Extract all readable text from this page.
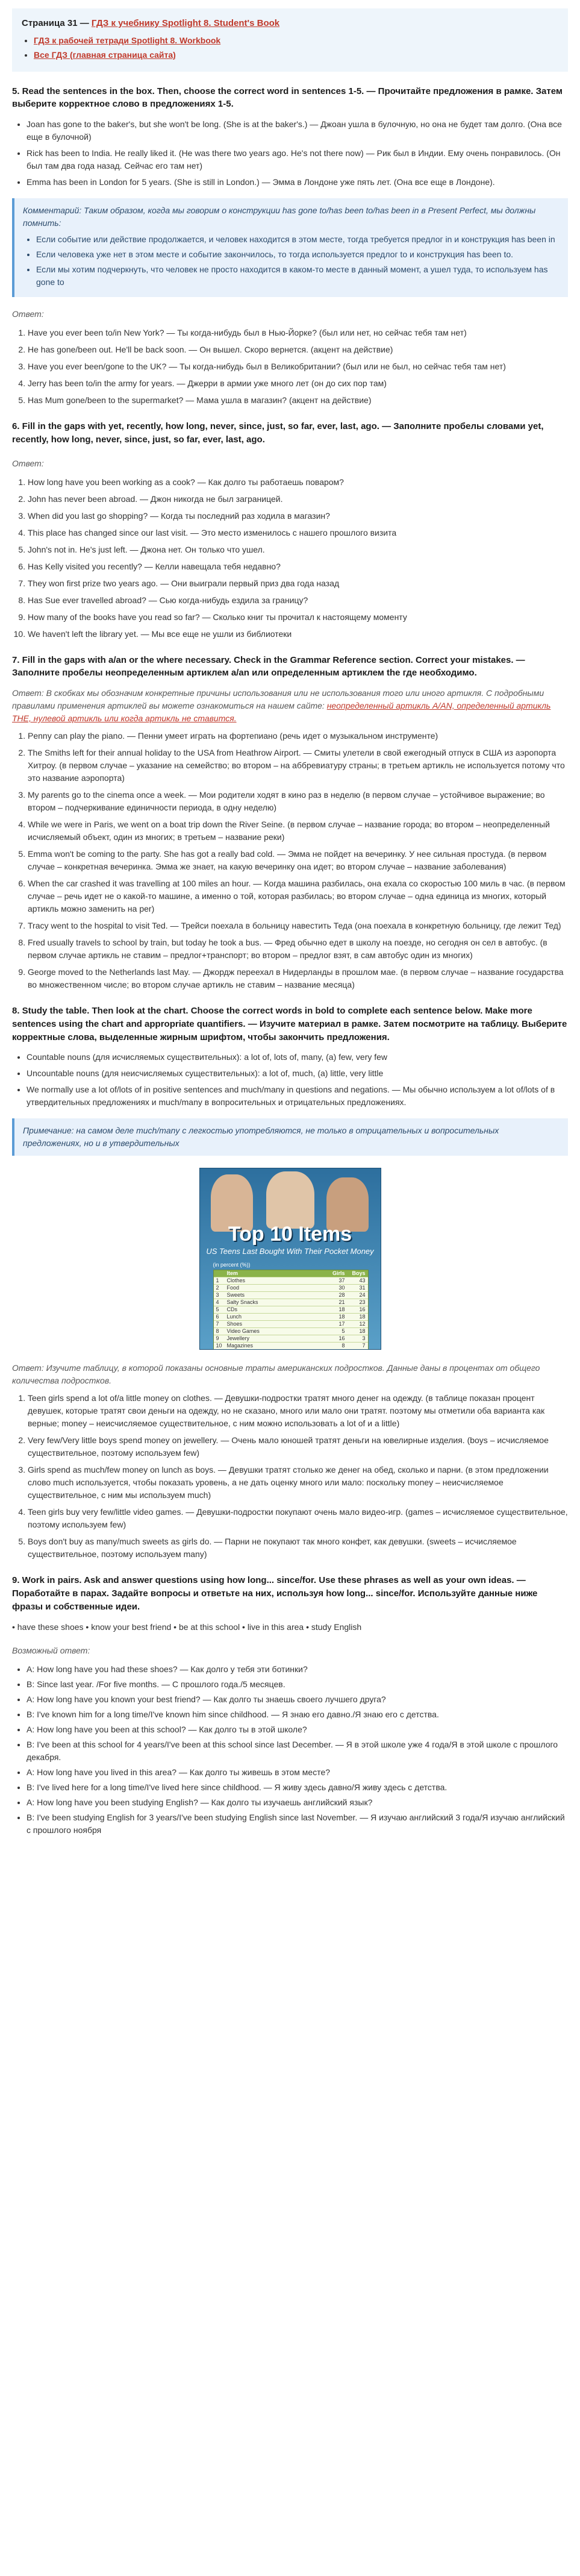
Страница 31 — ГДЗ к учебнику Spotlight 8. Student's Book
• ГДЗ к рабочей тетради Spotlight 8. Workbook
• Все ГДЗ (главная страница сайта)
5. Read the sentences in the box. Then, choose the correct word in sentences 1-5. — Прочитайте предложения в рамке. Затем выберите корректное слово в предложениях 1-5.
• Joan has gone to the baker's, but she won't be long. (She is at the baker's.) — Джоан ушла в булочную, но она не будет там долго. (Она все еще в булочной)
• Rick has been to India. He really liked it. (He was there two years ago. He's not there now) — Рик был в Индии. Ему очень понравилось. (Он был там два года назад. Сейчас его там нет)
• Emma has been in London for 5 years. (She is still in London.) — Эмма в Лондоне уже пять лет. (Она все еще в Лондоне).
Комментарий: Таким образом, когда мы говорим о конструкции has gone to/has been to/has been in в Present Perfect, мы должны помнить:
• Если событие или действие продолжается, и человек находится в этом месте, тогда требуется предлог in и конструкция has been in
• Если человека уже нет в этом месте и событие закончилось, то тогда используется предлог to и конструкция has been to.
• Если мы хотим подчеркнуть, что человек не просто находится в каком-то месте в данный момент, а ушел туда, то используем has gone to
Ответ:
1. Have you ever been to/in New York? — Ты когда-нибудь был в Нью-Йорке? (был или нет, но сейчас тебя там нет)
2. He has gone/been out. He'll be back soon. — Он вышел. Скоро вернется. (акцент на действие)
3. Have you ever been/gone to the UK? — Ты когда-нибудь был в Великобритании? (был или не был, но сейчас тебя там нет)
4. Jerry has been to/in the army for years. — Джерри в армии уже много лет (он до сих пор там)
5. Has Mum gone/been to the supermarket? — Мама ушла в магазин? (акцент на действие)
6. Fill in the gaps with yet, recently, how long, never, since, just, so far, ever, last, ago. — Заполните пробелы словами yet, recently, how long, never, since, just, so far, ever, last, ago.
Ответ:
1. How long have you been working as a cook? — Как долго ты работаешь поваром?
2. John has never been abroad. — Джон никогда не был заграницей.
3. When did you last go shopping? — Когда ты последний раз ходила в магазин?
4. This place has changed since our last visit. — Это место изменилось с нашего прошлого визита
5. John's not in. He's just left. — Джона нет. Он только что ушел.
6. Has Kelly visited you recently? — Келли навещала тебя недавно?
7. They won first prize two years ago. — Они выиграли первый приз два года назад
8. Has Sue ever travelled abroad? — Сью когда-нибудь ездила за границу?
9. How many of the books have you read so far? — Сколько книг ты прочитал к настоящему моменту
10. We haven't left the library yet. — Мы все еще не ушли из библиотеки
7. Fill in the gaps with a/an or the where necessary. Check in the Grammar Reference section. Correct your mistakes. — Заполните пробелы неопределенным артиклем a/an или определенным артиклем the где необходимо.
Ответ: В скобках мы обозначим конкретные причины использования или не использования того или иного артикля. С подробными правилами применения артиклей вы можете ознакомиться на нашем сайте: неопределенный артикль A/AN, определенный артикль THE, нулевой артикль или когда артикль не ставится.
1. Penny can play the piano. — Пенни умеет играть на фортепиано (речь идет о музыкальном инструменте)
2. The Smiths left for their annual holiday to the USA from Heathrow Airport. — Смиты улетели в свой ежегодный отпуск в США из аэропорта Хитроу. (в первом случае – указание на семейство; во втором – на аббревиатуру страны; в третьем артикль не используется потому что это название аэропорта)
3. My parents go to the cinema once a week. — Мои родители ходят в кино раз в неделю (в первом случае – устойчивое выражение; во втором – подчеркивание единичности периода, в одну неделю)
4. While we were in Paris, we went on a boat trip down the River Seine. (в первом случае – название города; во втором – неопределенный исчисляемый объект, один из многих; в третьем – название реки)
5. Emma won't be coming to the party. She has got a really bad cold. — Эмма не пойдет на вечеринку. У нее сильная простуда. (в первом случае – конкретная вечеринка. Эмма же знает, на какую вечеринку она идет; во втором случае – название заболевания)
6. When the car crashed it was travelling at 100 miles an hour. — Когда машина разбилась, она ехала со скоростью 100 миль в час. (в первом случае – речь идет не о какой-то машине, а именно о той, которая разбилась; во втором случае – одна единица из многих, который артикль можно заменить на per)
7. Tracy went to the hospital to visit Ted. — Трейси поехала в больницу навестить Теда (она поехала в конкретную больницу, где лежит Тед)
8. Fred usually travels to school by train, but today he took a bus. — Фред обычно едет в школу на поезде, но сегодня он сел в автобус. (в первом случае артикль не ставим – предлог+транспорт; во втором – предлог взят, в сам автобус один из многих)
9. George moved to the Netherlands last May. — Джордж переехал в Нидерланды в прошлом мае. (в первом случае – название государства во множественном числе; во втором случае артикль не ставим – название месяца)
8. Study the table. Then look at the chart. Choose the correct words in bold to complete each sentence below. Make more sentences using the chart and appropriate quantifiers. — Изучите материал в рамке. Затем посмотрите на таблицу. Выберите корректные слова, выделенные жирным шрифтом, чтобы закончить предложения.
• Countable nouns (для исчисляемых существительных): a lot of, lots of, many, (a) few, very few
• Uncountable nouns (для неисчисляемых существительных): a lot of, much, (a) little, very little
• We normally use a lot of/lots of in positive sentences and much/many in questions and negations. — Мы обычно используем a lot of/lots of в утвердительных предложениях и much/many в вопросительных и отрицательных предложениях.
Примечание: на самом деле much/many с легкостью употребляются, не только в отрицательных и вопросительных предложениях, но и в утвердительных
Top 10 Items
US Teens Last Bought With Their Pocket Money
(in percent (%))
Item	Girls	Boys
1	Clothes	37	43
2	Food	30	31
3	Sweets	28	24
4	Salty Snacks	21	23
5	CDs	18	16
6	Lunch	18	18
7	Shoes	17	12
8	Video Games	5	18
9	Jewellery	16	3
10 Magazines	8	7
Ответ: Изучите таблицу, в которой показаны основные траты американских подростков. Данные даны в процентах от общего количества подростков.
1. Teen girls spend a lot of/a little money on clothes. — Девушки-подростки тратят много денег на одежду. (в таблице показан процент девушек, которые тратят свои деньги на одежду, но не сказано, много или мало они тратят. поэтому мы отметили оба варианта как верные; money – неисчисляемое существительное, с ним можно использовать a lot of и a little)
2. Very few/Very little boys spend money on jewellery. — Очень мало юношей тратят деньги на ювелирные изделия. (boys – исчисляемое существительное, поэтому используем few)
3. Girls spend as much/few money on lunch as boys. — Девушки тратят столько же денег на обед, сколько и парни. (в этом предложении слово much используется, чтобы показать уровень, а не дать оценку много или мало: поскольку money – неисчисляемое существительное, с ним мы используем much)
4. Teen girls buy very few/little video games. — Девушки-подростки покупают очень мало видео-игр. (games – исчисляемое существительное, поэтому используем few)
5. Boys don't buy as many/much sweets as girls do. — Парни не покупают так много конфет, как девушки. (sweets – исчисляемое существительное, поэтому используем many)
9. Work in pairs. Ask and answer questions using how long... since/for. Use these phrases as well as your own ideas. — Поработайте в парах. Задайте вопросы и ответьте на них, используя how long... since/for. Используйте данные ниже фразы и собственные идеи.
• have these shoes • know your best friend • be at this school • live in this area • study English
Возможный ответ:
• A: How long have you had these shoes? — Как долго у тебя эти ботинки?
• B: Since last year. /For five months. — С прошлого года./5 месяцев.
• A: How long have you known your best friend? — Как долго ты знаешь своего лучшего друга?
• B: I've known him for a long time/I've known him since childhood. — Я знаю его давно./Я знаю его с детства.
• A: How long have you been at this school? — Как долго ты в этой школе?
• B: I've been at this school for 4 years/I've been at this school since last December. — Я в этой школе уже 4 года/Я в этой школе с прошлого декабря.
• A: How long have you lived in this area? — Как долго ты живешь в этом месте?
• B: I've lived here for a long time/I've lived here since childhood. — Я живу здесь давно/Я живу здесь с детства.
• A: How long have you been studying English? — Как долго ты изучаешь английский язык?
• B: I've been studying English for 3 years/I've been studying English since last November. — Я изучаю английский 3 года/Я изучаю английский с прошлого ноября
